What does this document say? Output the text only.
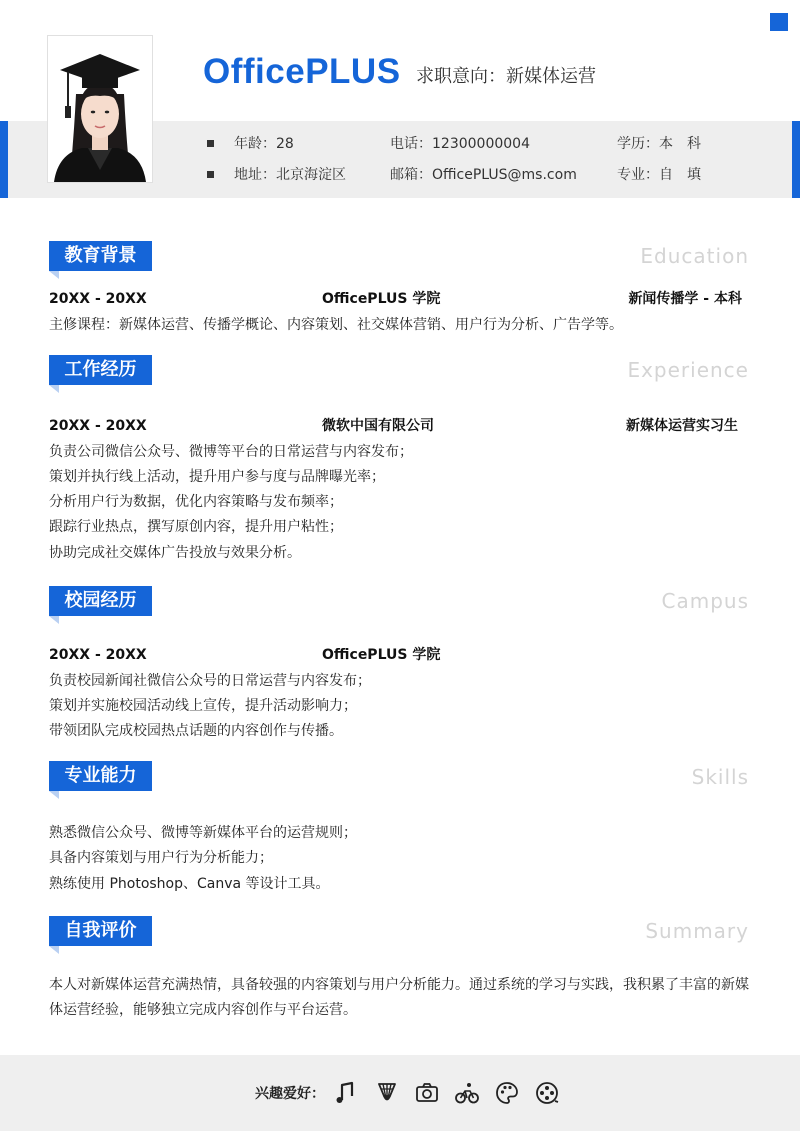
OfficePLUS 求职意向：新媒体运营
年龄：28	电话：12300000004	学历：本　科
地址：北京海淀区	邮箱：OfficePLUS@ms.com	专业：自　填
教育背景	Education
20XX - 20XX	OfficePLUS 学院	新闻传播学 - 本科
主修课程：新媒体运营、传播学概论、内容策划、社交媒体营销、用户行为分析、广告学等。
工作经历	Experience
20XX - 20XX	微软中国有限公司	新媒体运营实习生
负责公司微信公众号、微博等平台的日常运营与内容发布；
策划并执行线上活动，提升用户参与度与品牌曝光率；
分析用户行为数据，优化内容策略与发布频率；
跟踪行业热点，撰写原创内容，提升用户粘性；
协助完成社交媒体广告投放与效果分析。
校园经历	Campus
20XX - 20XX	OfficePLUS 学院
负责校园新闻社微信公众号的日常运营与内容发布；
策划并实施校园活动线上宣传，提升活动影响力；
带领团队完成校园热点话题的内容创作与传播。
专业能力	Skills
熟悉微信公众号、微博等新媒体平台的运营规则；
具备内容策划与用户行为分析能力；
熟练使用 Photoshop、Canva 等设计工具。
自我评价	Summary
本人对新媒体运营充满热情，具备较强的内容策划与用户分析能力。通过系统的学习与实践，我积累了丰富的新媒体运营经验，能够独立完成内容创作与平台运营。
兴趣爱好：
